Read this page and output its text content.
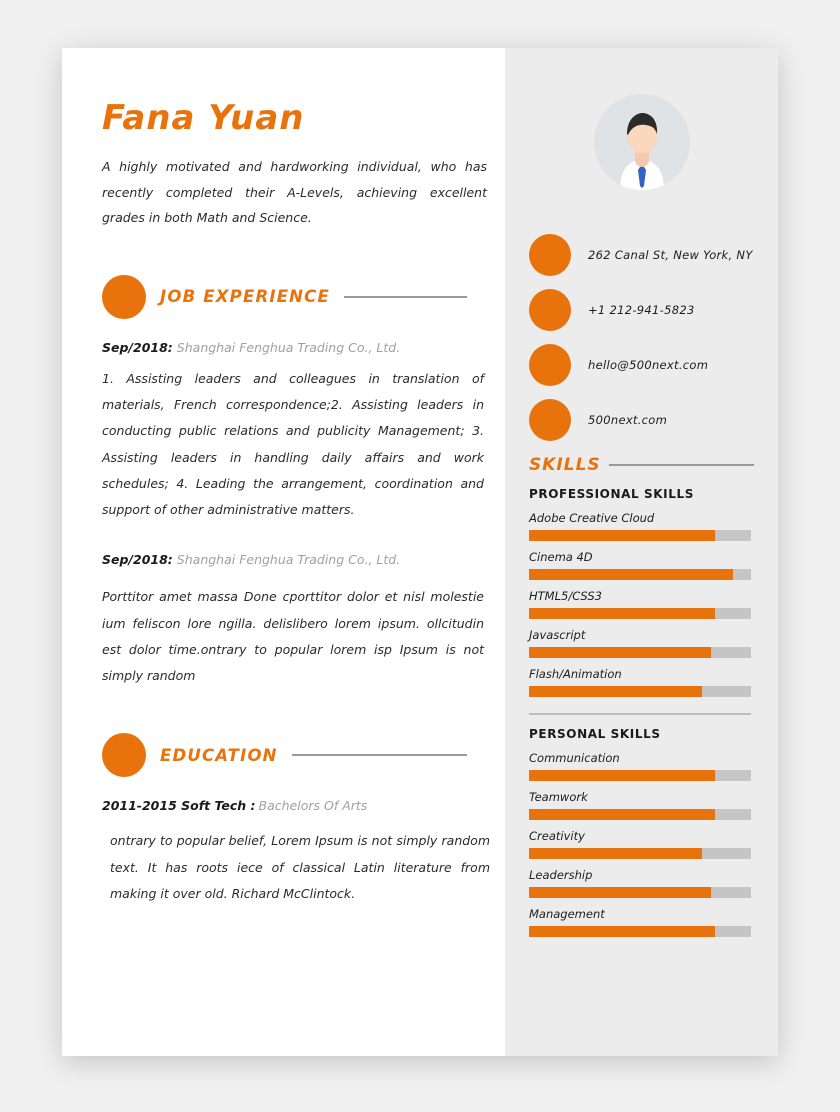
Fana Yuan

A highly motivated and hardworking individual, who has recently completed their A-Levels, achieving excellent grades in both Math and Science.

JOB EXPERIENCE

Sep/2018: Shanghai Fenghua Trading Co., Ltd.

1. Assisting leaders and colleagues in translation of materials, French correspondence;2. Assisting leaders in conducting public relations and publicity Management; 3. Assisting leaders in handling daily affairs and work schedules; 4. Leading the arrangement, coordination and support of other administrative matters.

Sep/2018: Shanghai Fenghua Trading Co., Ltd.

Porttitor amet massa Done cporttitor dolor et nisl molestie ium feliscon lore ngilla. delislibero lorem ipsum. ollcitudin est dolor time.ontrary to popular lorem isp Ipsum is not simply random

EDUCATION

2011-2015 Soft Tech : Bachelors Of Arts

ontrary to popular belief, Lorem Ipsum is not simply random text. It has roots iece of classical Latin literature from making it over old. Richard McClintock.

262 Canal St, New York, NY
+1 212-941-5823
hello@500next.com
500next.com
SKILLS
PROFESSIONAL SKILLS
Adobe Creative Cloud
Cinema 4D
HTML5/CSS3
Javascript
Flash/Animation
PERSONAL SKILLS
Communication
Teamwork
Creativity
Leadership
Management
